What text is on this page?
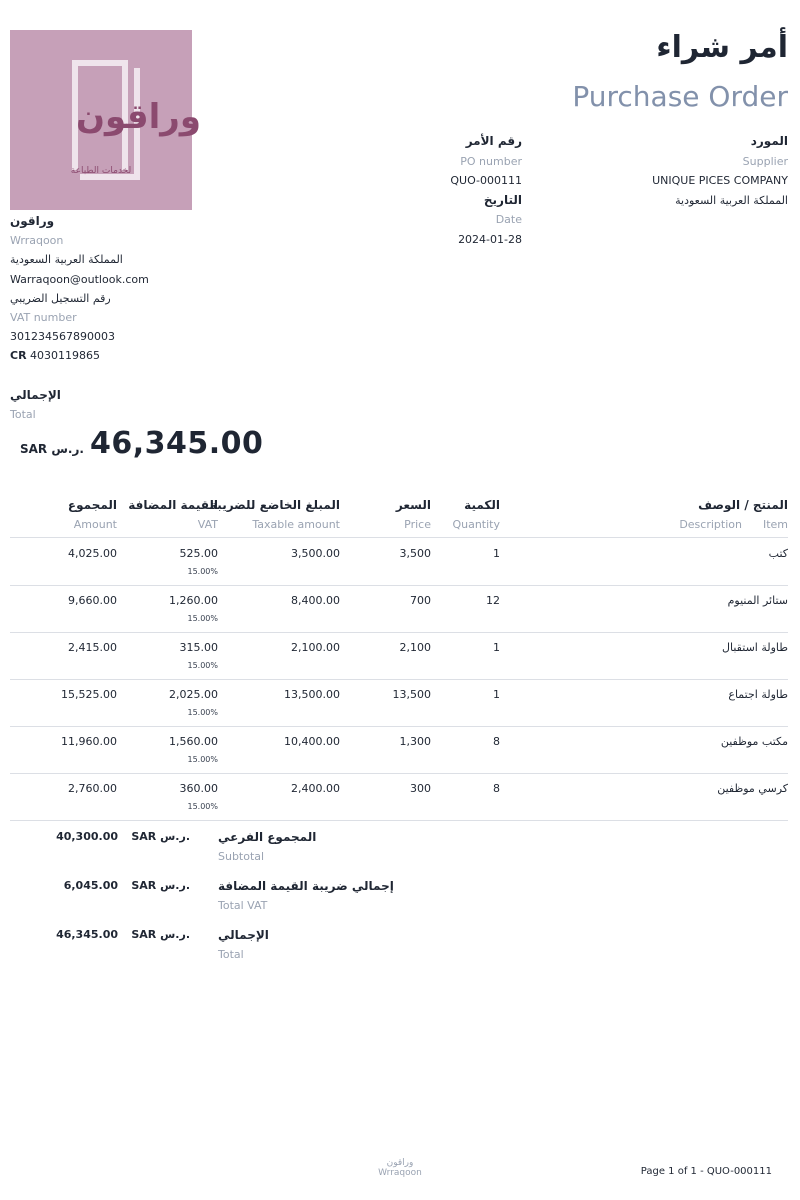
وراقون
لخدمات الطباعة
وراقون
Wrraqoon
المملكة العربية السعودية
Warraqoon@outlook.com
رقم التسجيل الضريبي
VAT number
301234567890003
CR 4030119865
أمر شراء
Purchase Order
رقم الأمر
PO number
QUO-000111
التاريخ
Date
2024-01-28
المورد
Supplier
UNIQUE PICES COMPANY
المملكة العربية السعودية
الإجمالي
Total
SAR ر.س. 46,345.00
المنتج / الوصف
Description Item
الكمية
Quantity
السعر
Price
المبلغ الخاضع للضريبة
Taxable amount
القيمة المضافة
VAT
المجموع
Amount
كتب
1
3,500
3,500.00
525.00
15.00%
4,025.00
ستائر المنيوم
12
700
8,400.00
1,260.00
15.00%
9,660.00
طاولة استقبال
1
2,100
2,100.00
315.00
15.00%
2,415.00
طاولة اجتماع
1
13,500
13,500.00
2,025.00
15.00%
15,525.00
مكتب موظفين
8
1,300
10,400.00
1,560.00
15.00%
11,960.00
كرسي موظفين
8
300
2,400.00
360.00
15.00%
2,760.00
40,300.00 SAR ر.س. المجموع الفرعي
Subtotal
6,045.00 SAR ر.س. إجمالي ضريبة القيمة المضافة
Total VAT
46,345.00 SAR ر.س. الإجمالي
Total
وراقون
Wrraqoon	Page 1 of 1 - QUO-000111
